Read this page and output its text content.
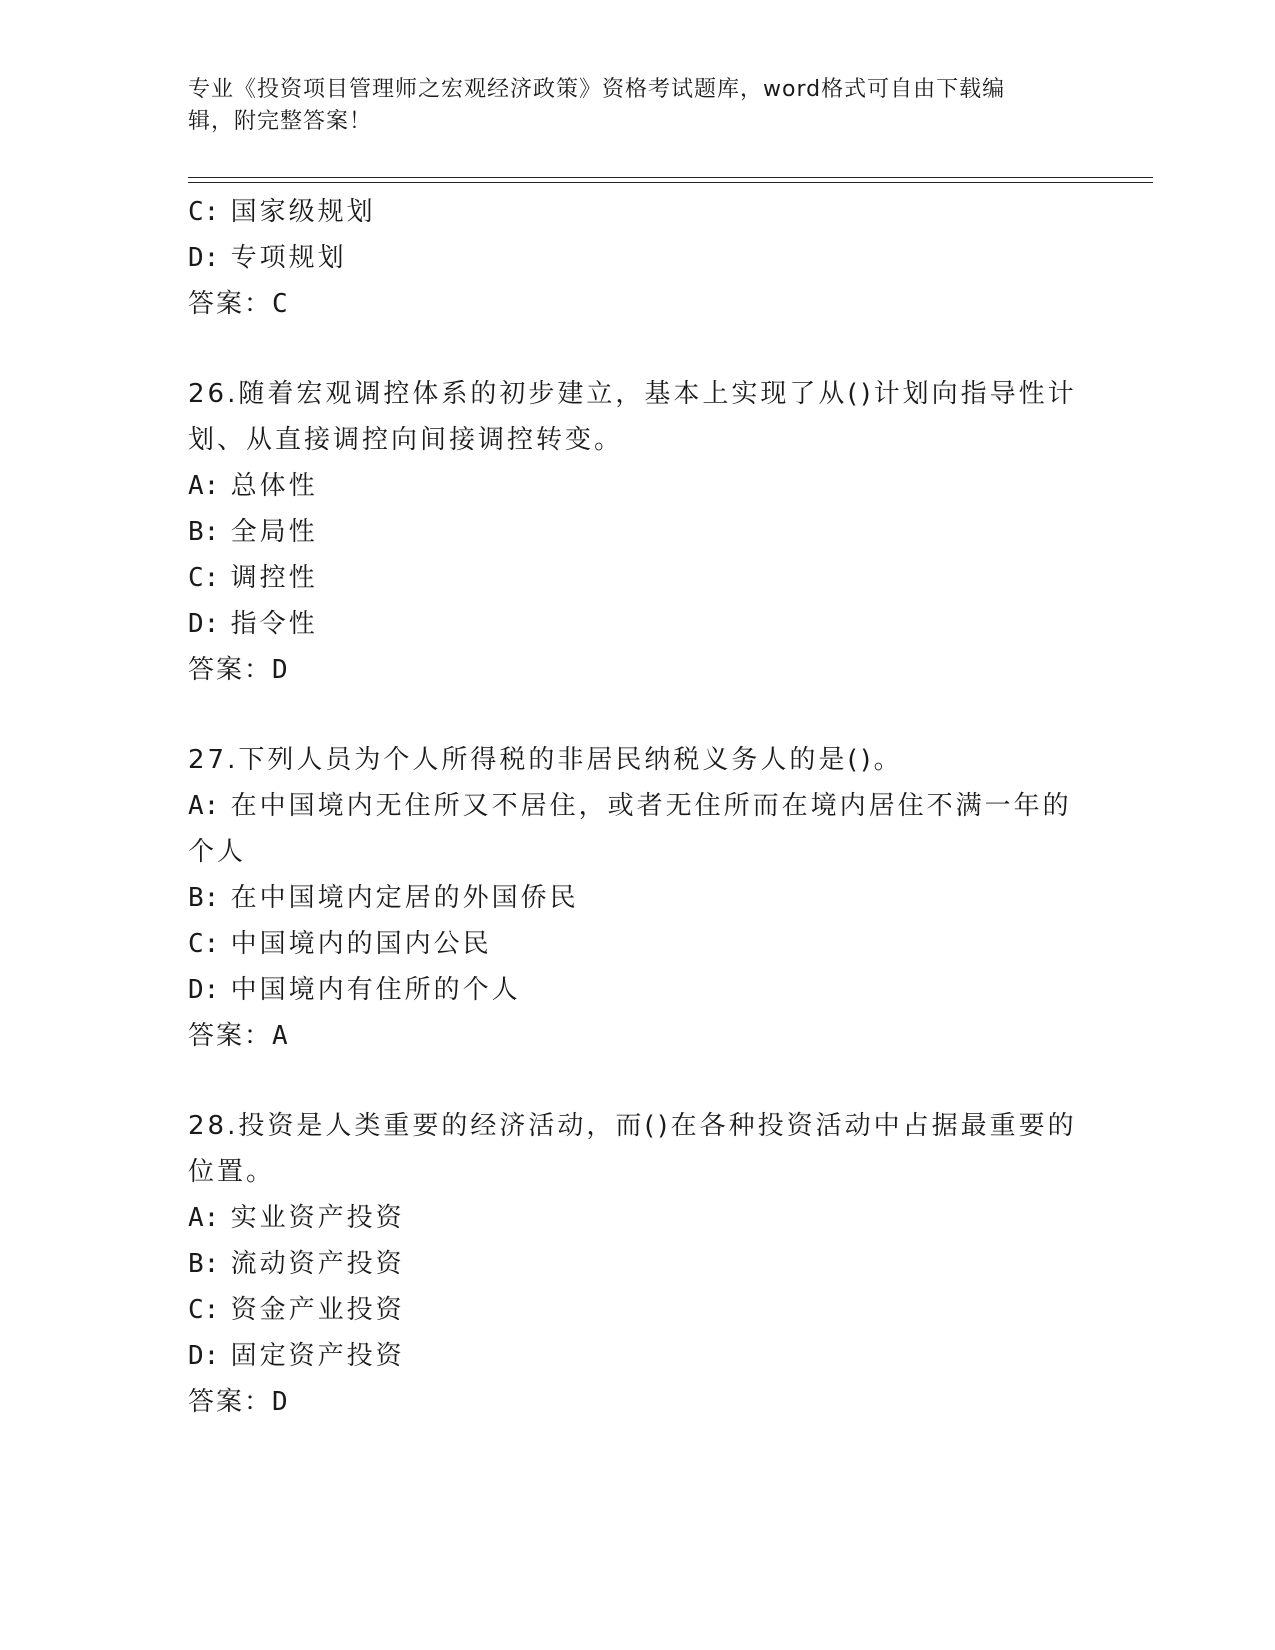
专业《投资项目管理师之宏观经济政策》资格考试题库，word格式可自由下载编
辑，附完整答案！
C: 国家级规划
D: 专项规划
答案：C
26.随着宏观调控体系的初步建立，基本上实现了从()计划向指导性计
划、从直接调控向间接调控转变。
A: 总体性
B: 全局性
C: 调控性
D: 指令性
答案：D
27.下列人员为个人所得税的非居民纳税义务人的是()。
A: 在中国境内无住所又不居住，或者无住所而在境内居住不满一年的
个人
B: 在中国境内定居的外国侨民
C: 中国境内的国内公民
D: 中国境内有住所的个人
答案：A
28.投资是人类重要的经济活动，而()在各种投资活动中占据最重要的
位置。
A: 实业资产投资
B: 流动资产投资
C: 资金产业投资
D: 固定资产投资
答案：D
